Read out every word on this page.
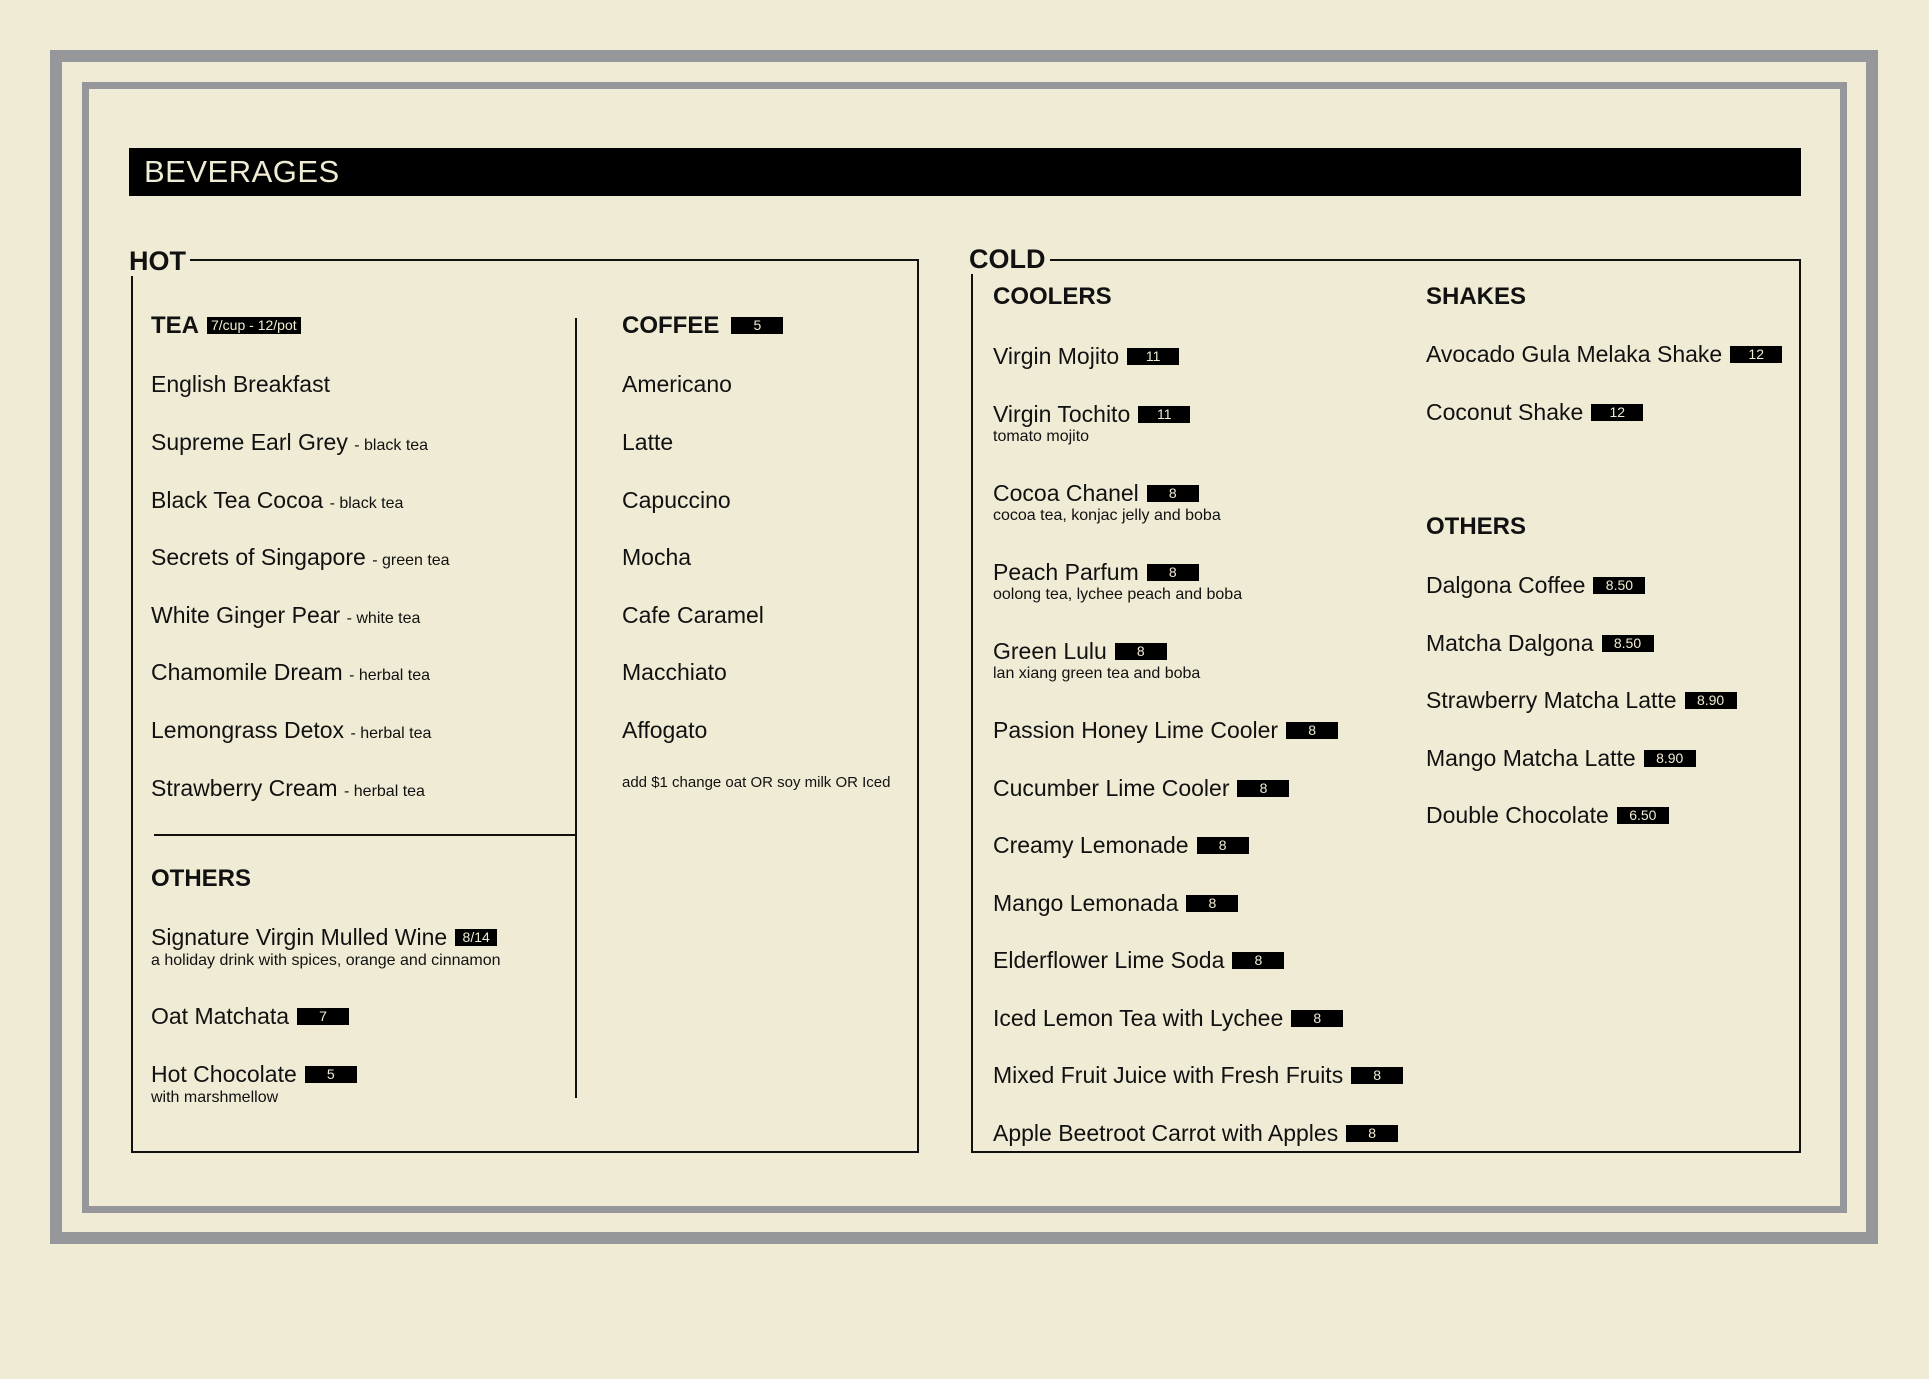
BEVERAGES
HOT
TEA 7/cup - 12/pot
English Breakfast
Supreme Earl Grey - black tea
Black Tea Cocoa - black tea
Secrets of Singapore - green tea
White Ginger Pear - white tea
Chamomile Dream - herbal tea
Lemongrass Detox - herbal tea
Strawberry Cream - herbal tea
COFFEE 5
Americano
Latte
Capuccino
Mocha
Cafe Caramel
Macchiato
Affogato
add $1 change oat OR soy milk OR Iced
OTHERS
Signature Virgin Mulled Wine 8/14
a holiday drink with spices, orange and cinnamon
Oat Matchata 7
Hot Chocolate 5
with marshmellow
COLD
COOLERS
Virgin Mojito 11
Virgin Tochito 11
tomato mojito
Cocoa Chanel 8
cocoa tea, konjac jelly and boba
Peach Parfum 8
oolong tea, lychee peach and boba
Green Lulu 8
lan xiang green tea and boba
Passion Honey Lime Cooler 8
Cucumber Lime Cooler 8
Creamy Lemonade 8
Mango Lemonada 8
Elderflower Lime Soda 8
Iced Lemon Tea with Lychee 8
Mixed Fruit Juice with Fresh Fruits 8
Apple Beetroot Carrot with Apples 8
SHAKES
Avocado Gula Melaka Shake 12
Coconut Shake 12
OTHERS
Dalgona Coffee 8.50
Matcha Dalgona 8.50
Strawberry Matcha Latte 8.90
Mango Matcha Latte 8.90
Double Chocolate 6.50
